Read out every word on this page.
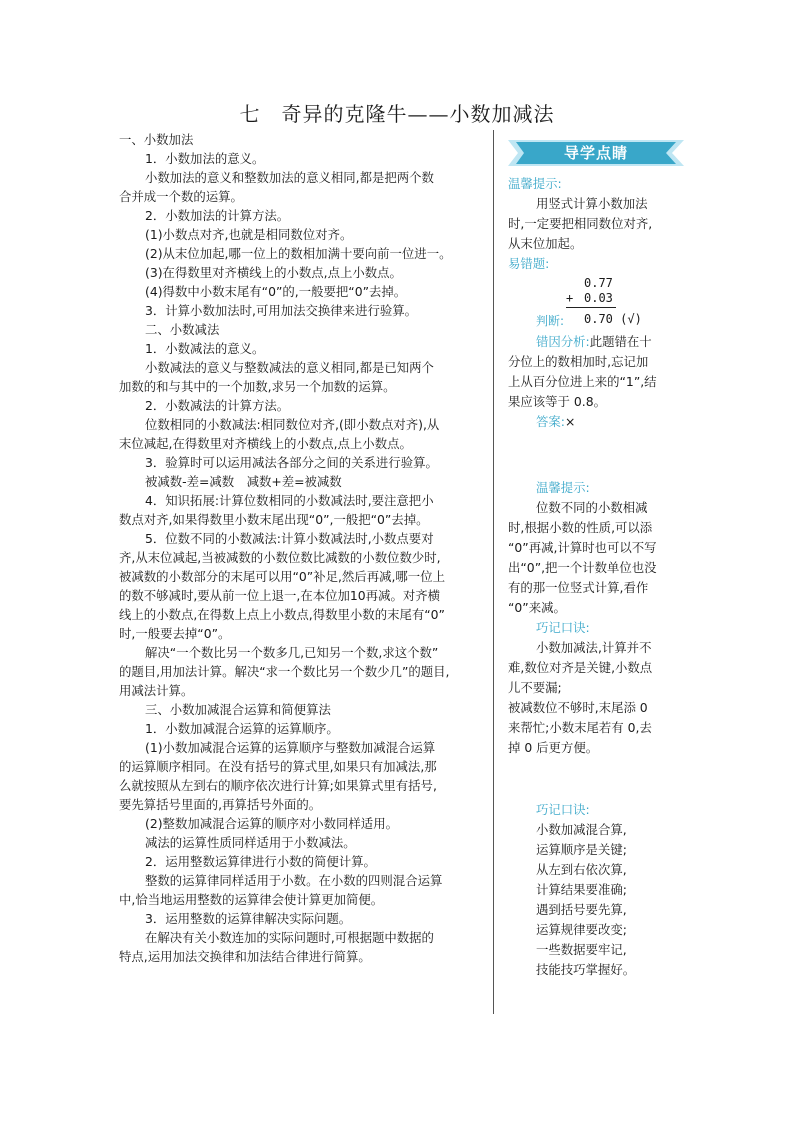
七　奇异的克隆牛——小数加减法
一、小数加法
1．小数加法的意义。
小数加法的意义和整数加法的意义相同,都是把两个数
合并成一个数的运算。
2．小数加法的计算方法。
(1)小数点对齐,也就是相同数位对齐。
(2)从末位加起,哪一位上的数相加满十要向前一位进一。
(3)在得数里对齐横线上的小数点,点上小数点。
(4)得数中小数末尾有“0”的,一般要把“0”去掉。
3．计算小数加法时,可用加法交换律来进行验算。
二、小数减法
1．小数减法的意义。
小数减法的意义与整数减法的意义相同,都是已知两个
加数的和与其中的一个加数,求另一个加数的运算。
2．小数减法的计算方法。
位数相同的小数减法:相同数位对齐,(即小数点对齐),从
末位减起,在得数里对齐横线上的小数点,点上小数点。
3．验算时可以运用减法各部分之间的关系进行验算。
被减数-差=减数　减数+差=被减数
4．知识拓展:计算位数相同的小数减法时,要注意把小
数点对齐,如果得数里小数末尾出现“0”,一般把“0”去掉。
5．位数不同的小数减法:计算小数减法时,小数点要对
齐,从末位减起,当被减数的小数位数比减数的小数位数少时,
被减数的小数部分的末尾可以用“0”补足,然后再减,哪一位上
的数不够减时,要从前一位上退一,在本位加10再减。对齐横
线上的小数点,在得数上点上小数点,得数里小数的末尾有“0”
时,一般要去掉“0”。
解决“一个数比另一个数多几,已知另一个数,求这个数”
的题目,用加法计算。解决“求一个数比另一个数少几”的题目,
用减法计算。
三、小数加减混合运算和简便算法
1．小数加减混合运算的运算顺序。
(1)小数加减混合运算的运算顺序与整数加减混合运算
的运算顺序相同。在没有括号的算式里,如果只有加减法,那
么就按照从左到右的顺序依次进行计算;如果算式里有括号,
要先算括号里面的,再算括号外面的。
(2)整数加减混合运算的顺序对小数同样适用。
减法的运算性质同样适用于小数减法。
2．运用整数运算律进行小数的简便计算。
整数的运算律同样适用于小数。在小数的四则混合运算
中,恰当地运用整数的运算律会使计算更加简便。
3．运用整数的运算律解决实际问题。
在解决有关小数连加的实际问题时,可根据题中数据的
特点,运用加法交换律和加法结合律进行简算。
导学点睛
温馨提示:
用竖式计算小数加法
时,一定要把相同数位对齐,
从末位加起。
易错题:
0.77
+ 0.03
判断: 0.70 (√)
错因分析:此题错在十
分位上的数相加时,忘记加
上从百分位进上来的“1”,结
果应该等于 0.8。
答案:×
温馨提示:
位数不同的小数相减
时,根据小数的性质,可以添
“0”再减,计算时也可以不写
出“0”,把一个计数单位也没
有的那一位竖式计算,看作
“0”来减。
巧记口诀:
小数加减法,计算并不
难,数位对齐是关键,小数点
儿不要漏;
被减数位不够时,末尾添 0
来帮忙;小数末尾若有 0,去
掉 0 后更方便。
巧记口诀:
小数加减混合算,
运算顺序是关键;
从左到右依次算,
计算结果要准确;
遇到括号要先算,
运算规律要改变;
一些数据要牢记,
技能技巧掌握好。
